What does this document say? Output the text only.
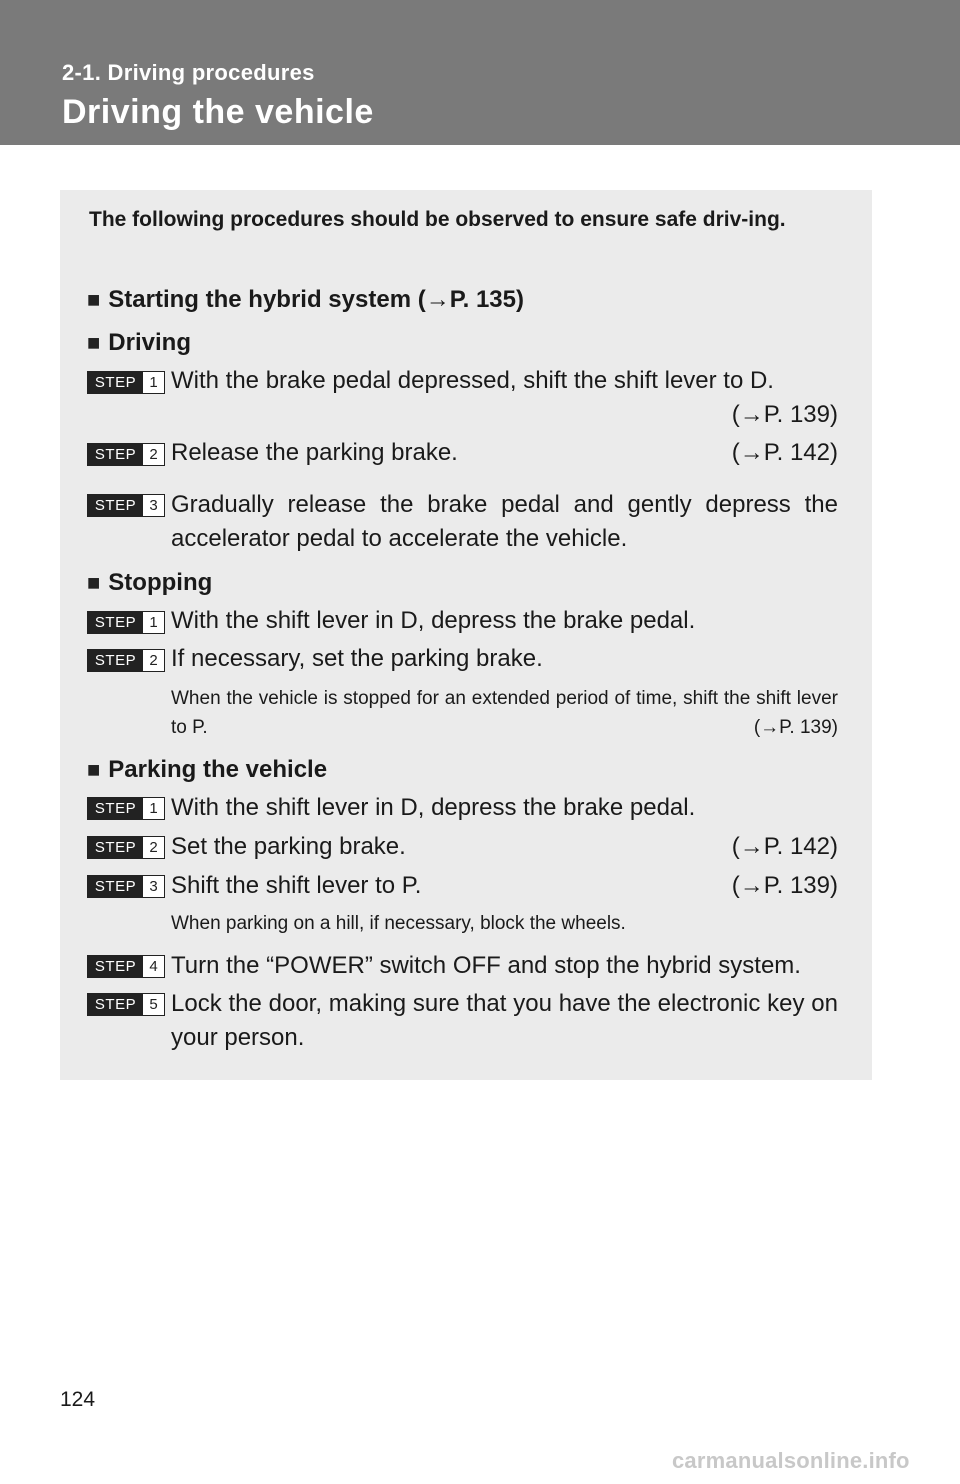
2-1. Driving procedures
Driving the vehicle
The following procedures should be observed to ensure safe driv-ing.
■ Starting the hybrid system (→P. 135)
■ Driving
STEP 1 With the brake pedal depressed, shift the shift lever to D.
(→P. 139)
STEP 2 Release the parking brake.	(→P. 142)
STEP 3 Gradually release the brake pedal and gently depress the accelerator pedal to accelerate the vehicle.
■ Stopping
STEP 1 With the shift lever in D, depress the brake pedal.
STEP 2 If necessary, set the parking brake.
When the vehicle is stopped for an extended period of time, shift the shift lever to P.	(→P. 139)
■ Parking the vehicle
STEP 1 With the shift lever in D, depress the brake pedal.
STEP 2 Set the parking brake.	(→P. 142)
STEP 3 Shift the shift lever to P.	(→P. 139)
When parking on a hill, if necessary, block the wheels.
STEP 4 Turn the “POWER” switch OFF and stop the hybrid system.
STEP 5 Lock the door, making sure that you have the electronic key on your person.
124
carmanualsonline.info
